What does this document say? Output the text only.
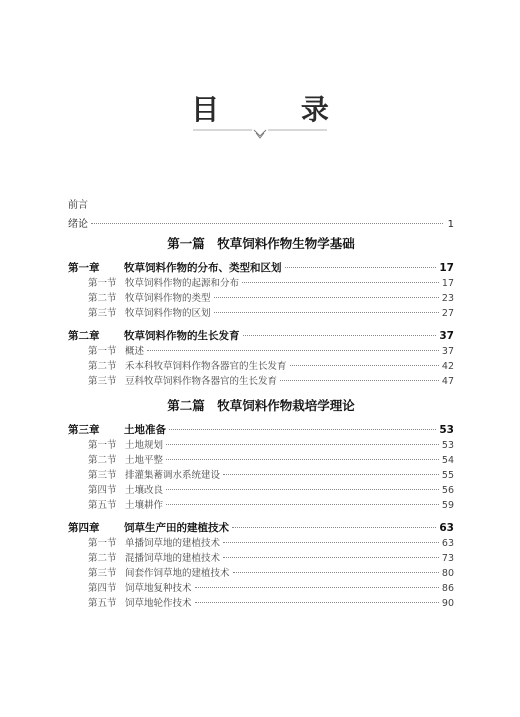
目 录
前言
绪论	1
第一篇　牧草饲料作物生物学基础
第一章 牧草饲料作物的分布、类型和区划	17
第一节 牧草饲料作物的起源和分布	17
第二节 牧草饲料作物的类型	23
第三节 牧草饲料作物的区划	27
第二章 牧草饲料作物的生长发育	37
第一节 概述	37
第二节 禾本科牧草饲料作物各器官的生长发育	42
第三节 豆科牧草饲料作物各器官的生长发育	47
第二篇　牧草饲料作物栽培学理论
第三章 土地准备	53
第一节 土地规划	53
第二节 土地平整	54
第三节 排灌集蓄调水系统建设	55
第四节 土壤改良	56
第五节 土壤耕作	59
第四章 饲草生产田的建植技术	63
第一节 单播饲草地的建植技术	63
第二节 混播饲草地的建植技术	73
第三节 间套作饲草地的建植技术	80
第四节 饲草地复种技术	86
第五节 饲草地轮作技术	90
